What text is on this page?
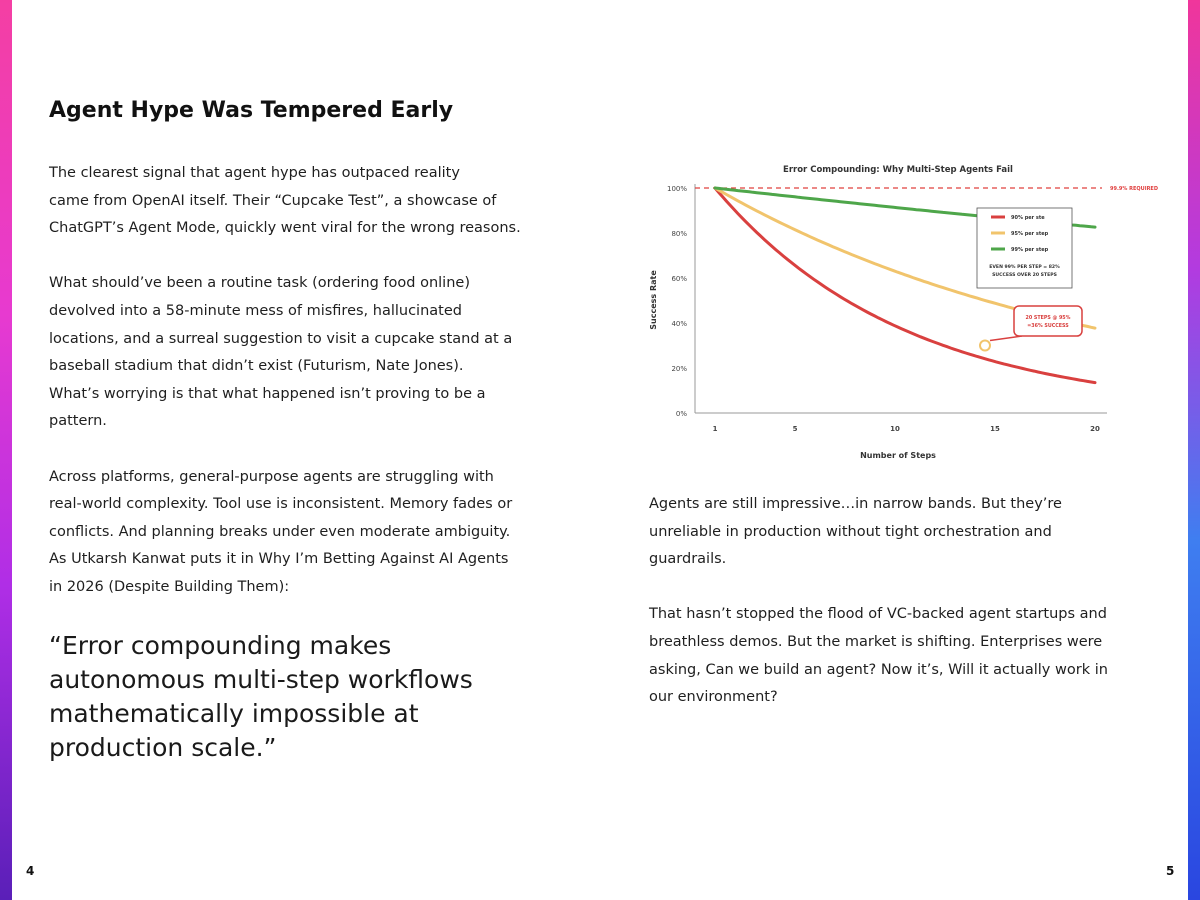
Agent Hype Was Tempered Early

The clearest signal that agent hype has outpaced reality
came from OpenAI itself. Their “Cupcake Test”, a showcase of
ChatGPT’s Agent Mode, quickly went viral for the wrong reasons.

What should’ve been a routine task (ordering food online)
devolved into a 58-minute mess of misfires, hallucinated
locations, and a surreal suggestion to visit a cupcake stand at a
baseball stadium that didn’t exist (Futurism, Nate Jones).
What’s worrying is that what happened isn’t proving to be a
pattern.

Across platforms, general-purpose agents are struggling with
real-world complexity. Tool use is inconsistent. Memory fades or
conflicts. And planning breaks under even moderate ambiguity.
As Utkarsh Kanwat puts it in Why I’m Betting Against AI Agents
in 2026 (Despite Building Them):

“Error compounding makes
autonomous multi-step workflows
mathematically impossible at
production scale.”
Error Compounding: Why Multi-Step Agents Fail
0%
20%
40%
60%
80%
100%
1	5	10	15	20
Number of Steps
Success Rate
99.9% REQUIRED
90% per ste
95% per step
99% per step
EVEN 99% PER STEP = 82%
SUCCESS OVER 20 STEPS
20 STEPS @ 95%
=36% SUCCESS

Agents are still impressive…in narrow bands. But they’re
unreliable in production without tight orchestration and
guardrails.

That hasn’t stopped the flood of VC-backed agent startups and
breathless demos. But the market is shifting. Enterprises were
asking, Can we build an agent? Now it’s, Will it actually work in
our environment?

4	5
